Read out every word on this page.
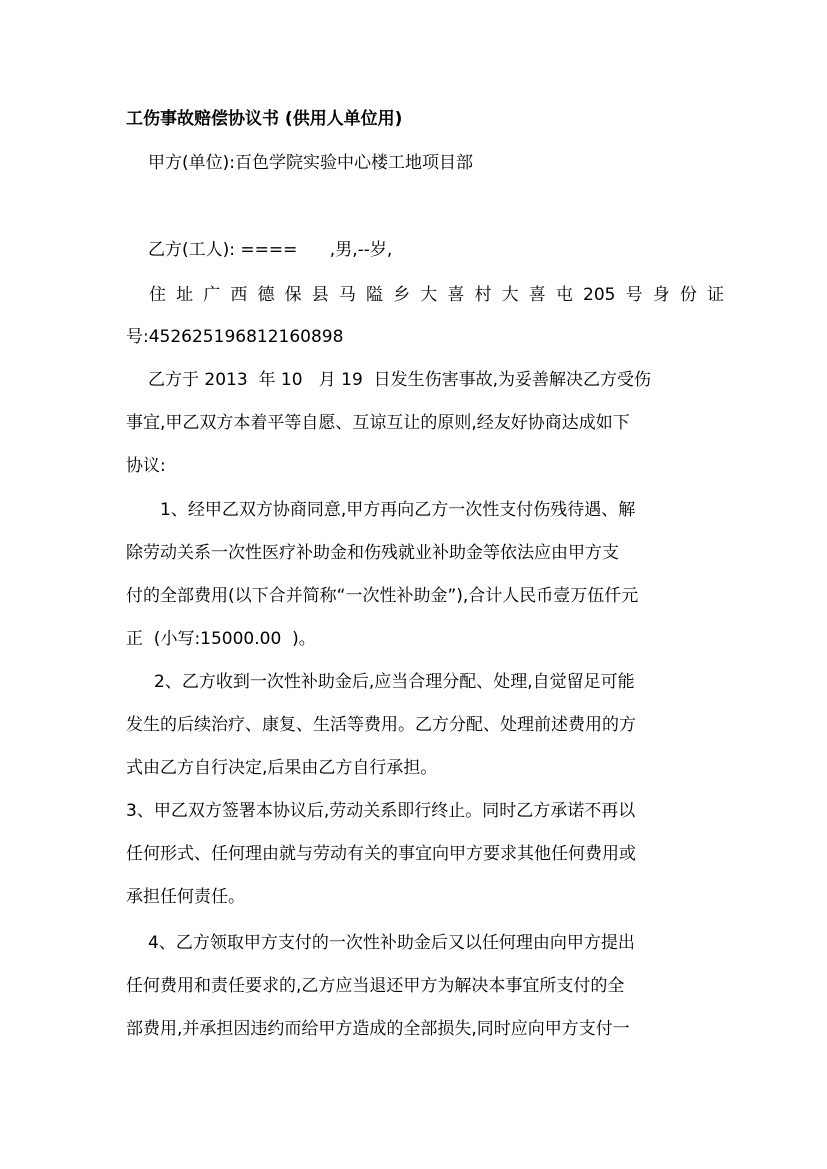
工伤事故赔偿协议书 (供用人单位用)
甲方(单位):百色学院实验中心楼工地项目部
乙方(工人): ====      ,男,--岁,
住 址 广 西 德 保 县 马 隘 乡 大 喜 村 大 喜 屯 205 号 身 份 证
号:452625196812160898
乙方于 2013  年 10   月 19  日发生伤害事故,为妥善解决乙方受伤
事宜,甲乙双方本着平等自愿、互谅互让的原则,经友好协商达成如下
协议:
1、经甲乙双方协商同意,甲方再向乙方一次性支付伤残待遇、解
除劳动关系一次性医疗补助金和伤残就业补助金等依法应由甲方支
付的全部费用(以下合并简称“一次性补助金”),合计人民币壹万伍仟元
正  (小写:15000.00  )。
2、乙方收到一次性补助金后,应当合理分配、处理,自觉留足可能
发生的后续治疗、康复、生活等费用。乙方分配、处理前述费用的方
式由乙方自行决定,后果由乙方自行承担。
3、甲乙双方签署本协议后,劳动关系即行终止。同时乙方承诺不再以
任何形式、任何理由就与劳动有关的事宜向甲方要求其他任何费用或
承担任何责任。
4、乙方领取甲方支付的一次性补助金后又以任何理由向甲方提出
任何费用和责任要求的,乙方应当退还甲方为解决本事宜所支付的全
部费用,并承担因违约而给甲方造成的全部损失,同时应向甲方支付一
